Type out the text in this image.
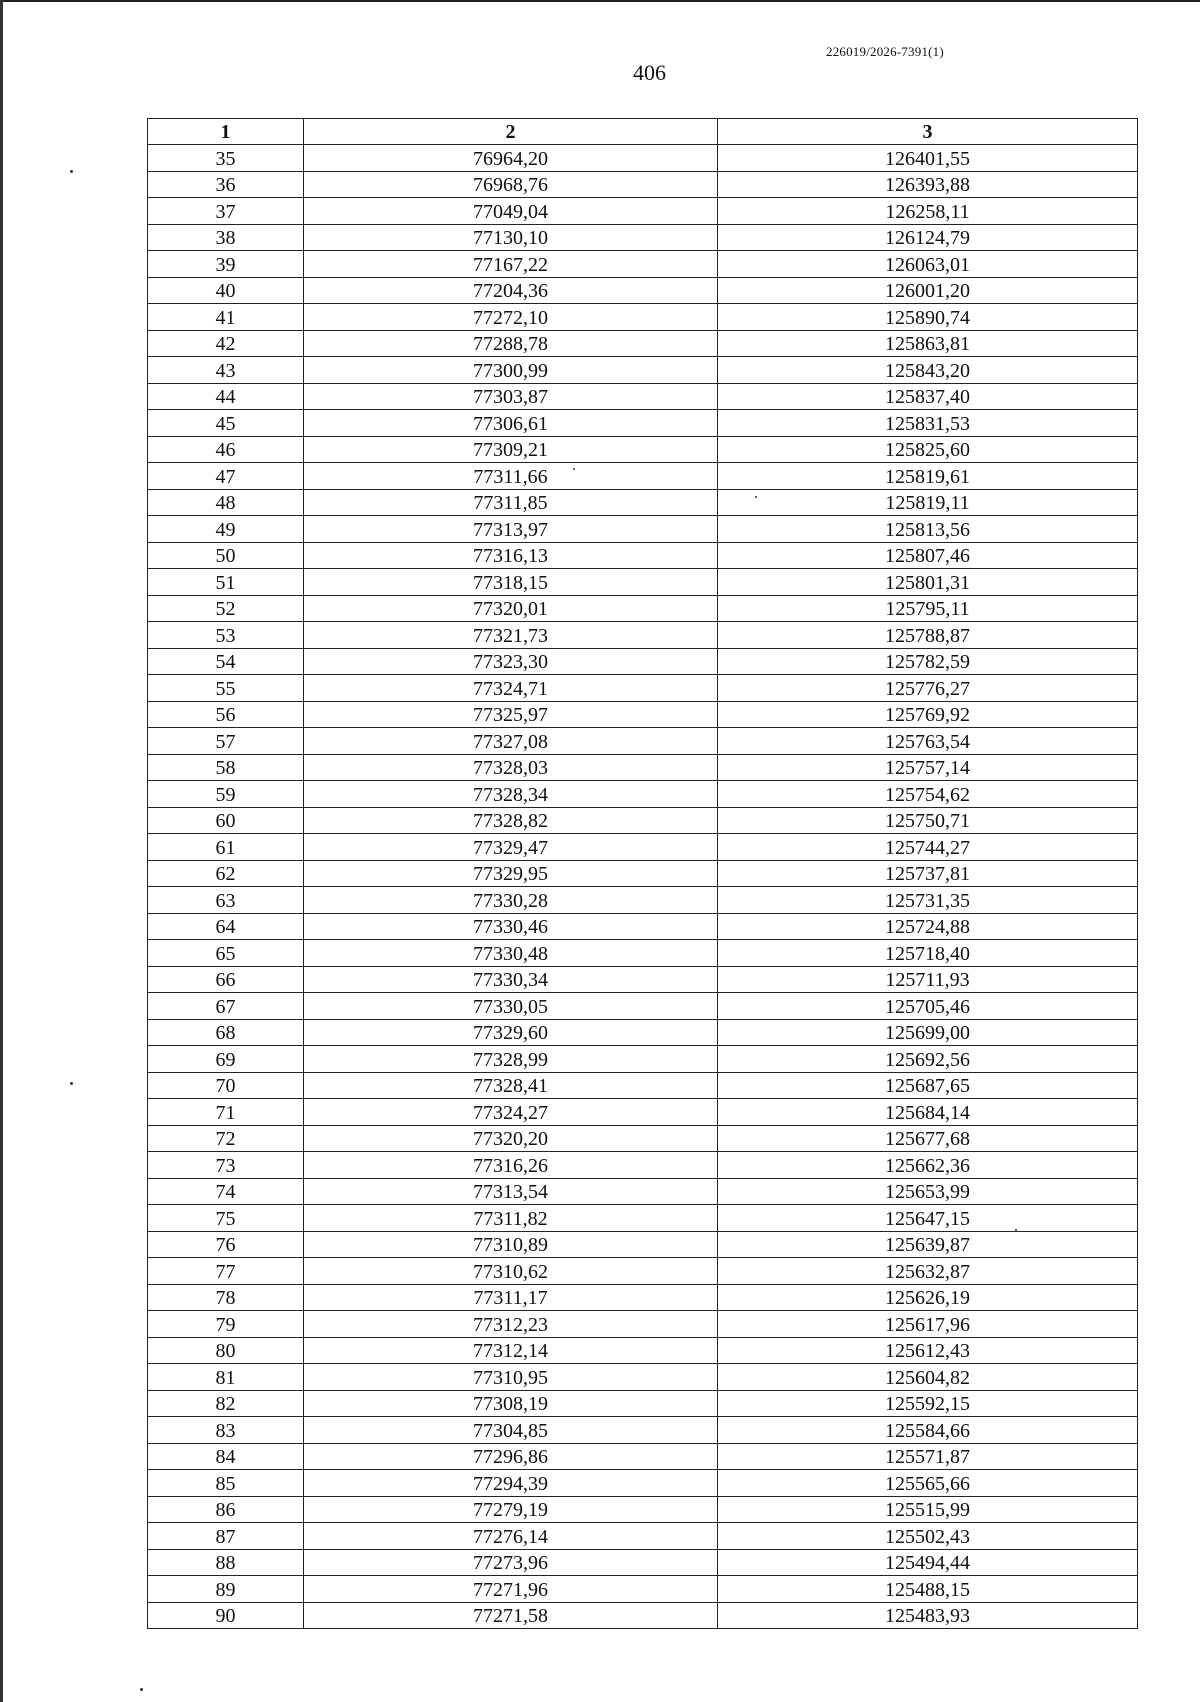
226019/2026-7391(1)
406
1	2	3
35	76964,20	126401,55
36	76968,76	126393,88
37	77049,04	126258,11
38	77130,10	126124,79
39	77167,22	126063,01
40	77204,36	126001,20
41	77272,10	125890,74
42	77288,78	125863,81
43	77300,99	125843,20
44	77303,87	125837,40
45	77306,61	125831,53
46	77309,21	125825,60
47	77311,66	125819,61
48	77311,85	125819,11
49	77313,97	125813,56
50	77316,13	125807,46
51	77318,15	125801,31
52	77320,01	125795,11
53	77321,73	125788,87
54	77323,30	125782,59
55	77324,71	125776,27
56	77325,97	125769,92
57	77327,08	125763,54
58	77328,03	125757,14
59	77328,34	125754,62
60	77328,82	125750,71
61	77329,47	125744,27
62	77329,95	125737,81
63	77330,28	125731,35
64	77330,46	125724,88
65	77330,48	125718,40
66	77330,34	125711,93
67	77330,05	125705,46
68	77329,60	125699,00
69	77328,99	125692,56
70	77328,41	125687,65
71	77324,27	125684,14
72	77320,20	125677,68
73	77316,26	125662,36
74	77313,54	125653,99
75	77311,82	125647,15
76	77310,89	125639,87
77	77310,62	125632,87
78	77311,17	125626,19
79	77312,23	125617,96
80	77312,14	125612,43
81	77310,95	125604,82
82	77308,19	125592,15
83	77304,85	125584,66
84	77296,86	125571,87
85	77294,39	125565,66
86	77279,19	125515,99
87	77276,14	125502,43
88	77273,96	125494,44
89	77271,96	125488,15
90	77271,58	125483,93
